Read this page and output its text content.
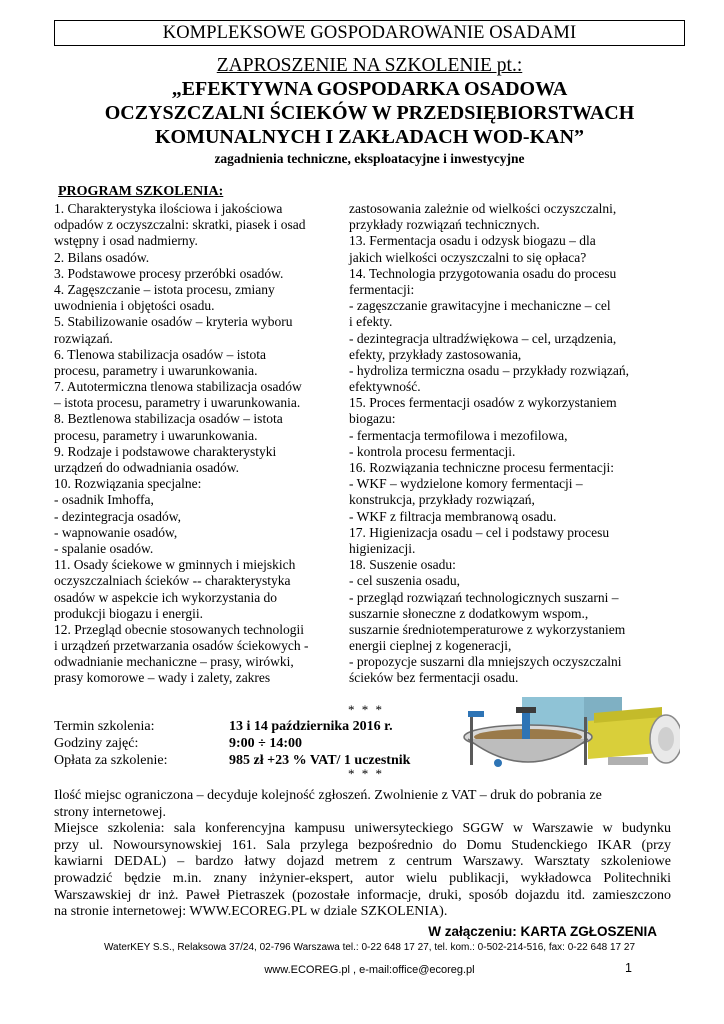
KOMPLEKSOWE GOSPODAROWANIE OSADAMI
ZAPROSZENIE NA SZKOLENIE pt.:
„EFEKTYWNA GOSPODARKA OSADOWA
OCZYSZCZALNI ŚCIEKÓW W PRZEDSIĘBIORSTWACH
KOMUNALNYCH I ZAKŁADACH WOD-KAN”
zagadnienia techniczne, eksploatacyjne i inwestycyjne
PROGRAM SZKOLENIA:
1. Charakterystyka ilościowa i jakościowa
odpadów z oczyszczalni: skratki, piasek i osad
wstępny i osad nadmierny.
2. Bilans osadów.
3. Podstawowe procesy przeróbki osadów.
4. Zagęszczanie – istota procesu, zmiany
uwodnienia i objętości osadu.
5. Stabilizowanie osadów – kryteria wyboru
rozwiązań.
6. Tlenowa stabilizacja osadów – istota
procesu, parametry i uwarunkowania.
7. Autotermiczna tlenowa stabilizacja osadów
– istota procesu, parametry i uwarunkowania.
8. Beztlenowa stabilizacja osadów – istota
procesu, parametry i uwarunkowania.
9. Rodzaje i podstawowe charakterystyki
urządzeń do odwadniania osadów.
10. Rozwiązania specjalne:
- osadnik Imhoffa,
- dezintegracja osadów,
- wapnowanie osadów,
- spalanie osadów.
11. Osady ściekowe w gminnych i miejskich
oczyszczalniach ścieków -- charakterystyka
osadów w aspekcie ich wykorzystania do
produkcji biogazu i energii.
12. Przegląd obecnie stosowanych technologii
i urządzeń przetwarzania osadów ściekowych -
odwadnianie mechaniczne – prasy, wirówki,
prasy komorowe – wady i zalety, zakres
zastosowania zależnie od wielkości oczyszczalni,
przykłady rozwiązań technicznych.
13. Fermentacja osadu i odzysk biogazu – dla
jakich wielkości oczyszczalni to się opłaca?
14. Technologia przygotowania osadu do procesu
fermentacji:
- zagęszczanie grawitacyjne i mechaniczne – cel
i efekty.
- dezintegracja ultradźwiękowa – cel, urządzenia,
efekty, przykłady zastosowania,
- hydroliza termiczna osadu – przykłady rozwiązań,
efektywność.
15. Proces fermentacji osadów z wykorzystaniem
biogazu:
- fermentacja termofilowa i mezofilowa,
- kontrola procesu fermentacji.
16. Rozwiązania techniczne procesu fermentacji:
- WKF – wydzielone komory fermentacji –
konstrukcja, przykłady rozwiązań,
- WKF z filtracja membranową osadu.
17. Higienizacja osadu – cel i podstawy procesu
higienizacji.
18. Suszenie osadu:
- cel suszenia osadu,
- przegląd rozwiązań technologicznych suszarni –
suszarnie słoneczne z dodatkowym wspom.,
suszarnie średniotemperaturowe z wykorzystaniem
energii cieplnej z kogeneracji,
- propozycje suszarni dla mniejszych oczyszczalni
ścieków bez fermentacji osadu.
* * *
Termin szkolenia:	13 i 14 października 2016 r.
Godziny zajęć:	9:00 ÷ 14:00
Opłata za szkolenie:	985 zł +23 % VAT/ 1 uczestnik
* * *
Ilość miejsc ograniczona – decyduje kolejność zgłoszeń. Zwolnienie z VAT – druk do pobrania ze
strony internetowej.
Miejsce szkolenia: sala konferencyjna kampusu uniwersyteckiego SGGW w Warszawie w budynku
przy ul. Nowoursynowskiej 161. Sala przylega bezpośrednio do Domu Studenckiego IKAR (przy
kawiarni DEDAL) – bardzo łatwy dojazd metrem z centrum Warszawy. Warsztaty szkoleniowe
prowadzić będzie m.in. znany inżynier-ekspert, autor wielu publikacji, wykładowca Politechniki
Warszawskiej dr inż. Paweł Pietraszek (pozostałe informacje, druki, sposób dojazdu itd. zamieszczono
na stronie internetowej: WWW.ECOREG.PL w dziale SZKOLENIA).
W załączeniu: KARTA ZGŁOSZENIA
WaterKEY S.S., Relaksowa 37/24, 02-796 Warszawa tel.: 0-22 648 17 27, tel. kom.: 0-502-214-516, fax: 0-22 648 17 27
www.ECOREG.pl , e-mail:office@ecoreg.pl	1
